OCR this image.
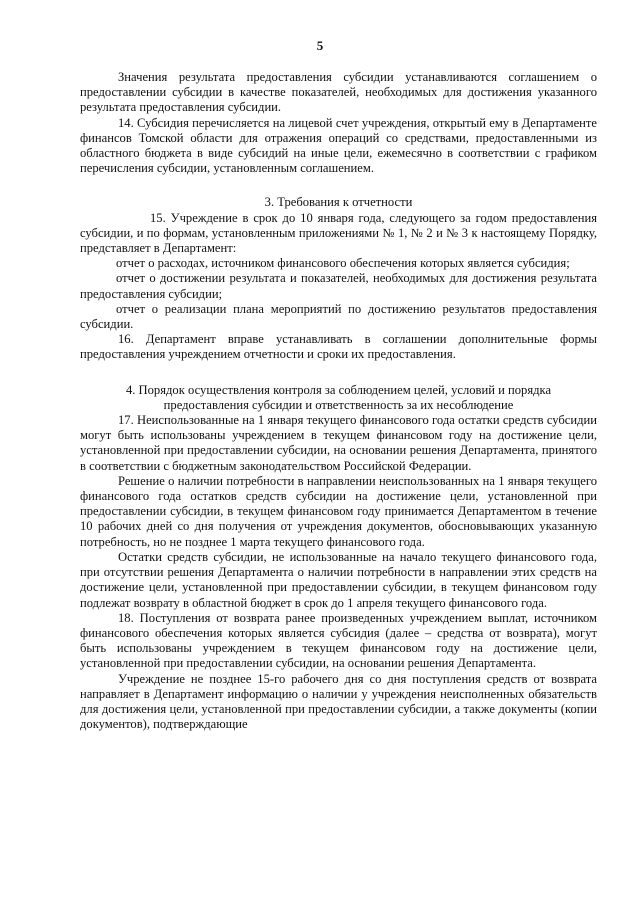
5

Значения результата предоставления субсидии устанавливаются соглашением о предоставлении субсидии в качестве показателей, необходимых для достижения указанного результата предоставления субсидии.

14. Субсидия перечисляется на лицевой счет учреждения, открытый ему в Департаменте финансов Томской области для отражения операций со средствами, предоставленными из областного бюджета в виде субсидий на иные цели, ежемесячно в соответствии с графиком перечисления субсидии, установленным соглашением.

3. Требования к отчетности

15. Учреждение в срок до 10 января года, следующего за годом предоставления субсидии, и по формам, установленным приложениями № 1, № 2 и № 3 к настоящему Порядку, представляет в Департамент:

отчет о расходах, источником финансового обеспечения которых является субсидия;

отчет о достижении результата и показателей, необходимых для достижения результата предоставления субсидии;

отчет о реализации плана мероприятий по достижению результатов предоставления субсидии.

16. Департамент вправе устанавливать в соглашении дополнительные формы предоставления учреждением отчетности и сроки их предоставления.

4. Порядок осуществления контроля за соблюдением целей, условий и порядка
предоставления субсидии и ответственность за их несоблюдение

17. Неиспользованные на 1 января текущего финансового года остатки средств субсидии могут быть использованы учреждением в текущем финансовом году на достижение цели, установленной при предоставлении субсидии, на основании решения Департамента, принятого в соответствии с бюджетным законодательством Российской Федерации.

Решение о наличии потребности в направлении неиспользованных на 1 января текущего финансового года остатков средств субсидии на достижение цели, установленной при предоставлении субсидии, в текущем финансовом году принимается Департаментом в течение 10 рабочих дней со дня получения от учреждения документов, обосновывающих указанную потребность, но не позднее 1 марта текущего финансового года.

Остатки средств субсидии, не использованные на начало текущего финансового года, при отсутствии решения Департамента о наличии потребности в направлении этих средств на достижение цели, установленной при предоставлении субсидии, в текущем финансовом году подлежат возврату в областной бюджет в срок до 1 апреля текущего финансового года.

18. Поступления от возврата ранее произведенных учреждением выплат, источником финансового обеспечения которых является субсидия (далее – средства от возврата), могут быть использованы учреждением в текущем финансовом году на достижение цели, установленной при предоставлении субсидии, на основании решения Департамента.

Учреждение не позднее 15-го рабочего дня со дня поступления средств от возврата направляет в Департамент информацию о наличии у учреждения неисполненных обязательств для достижения цели, установленной при предоставлении субсидии, а также документы (копии документов), подтверждающие
